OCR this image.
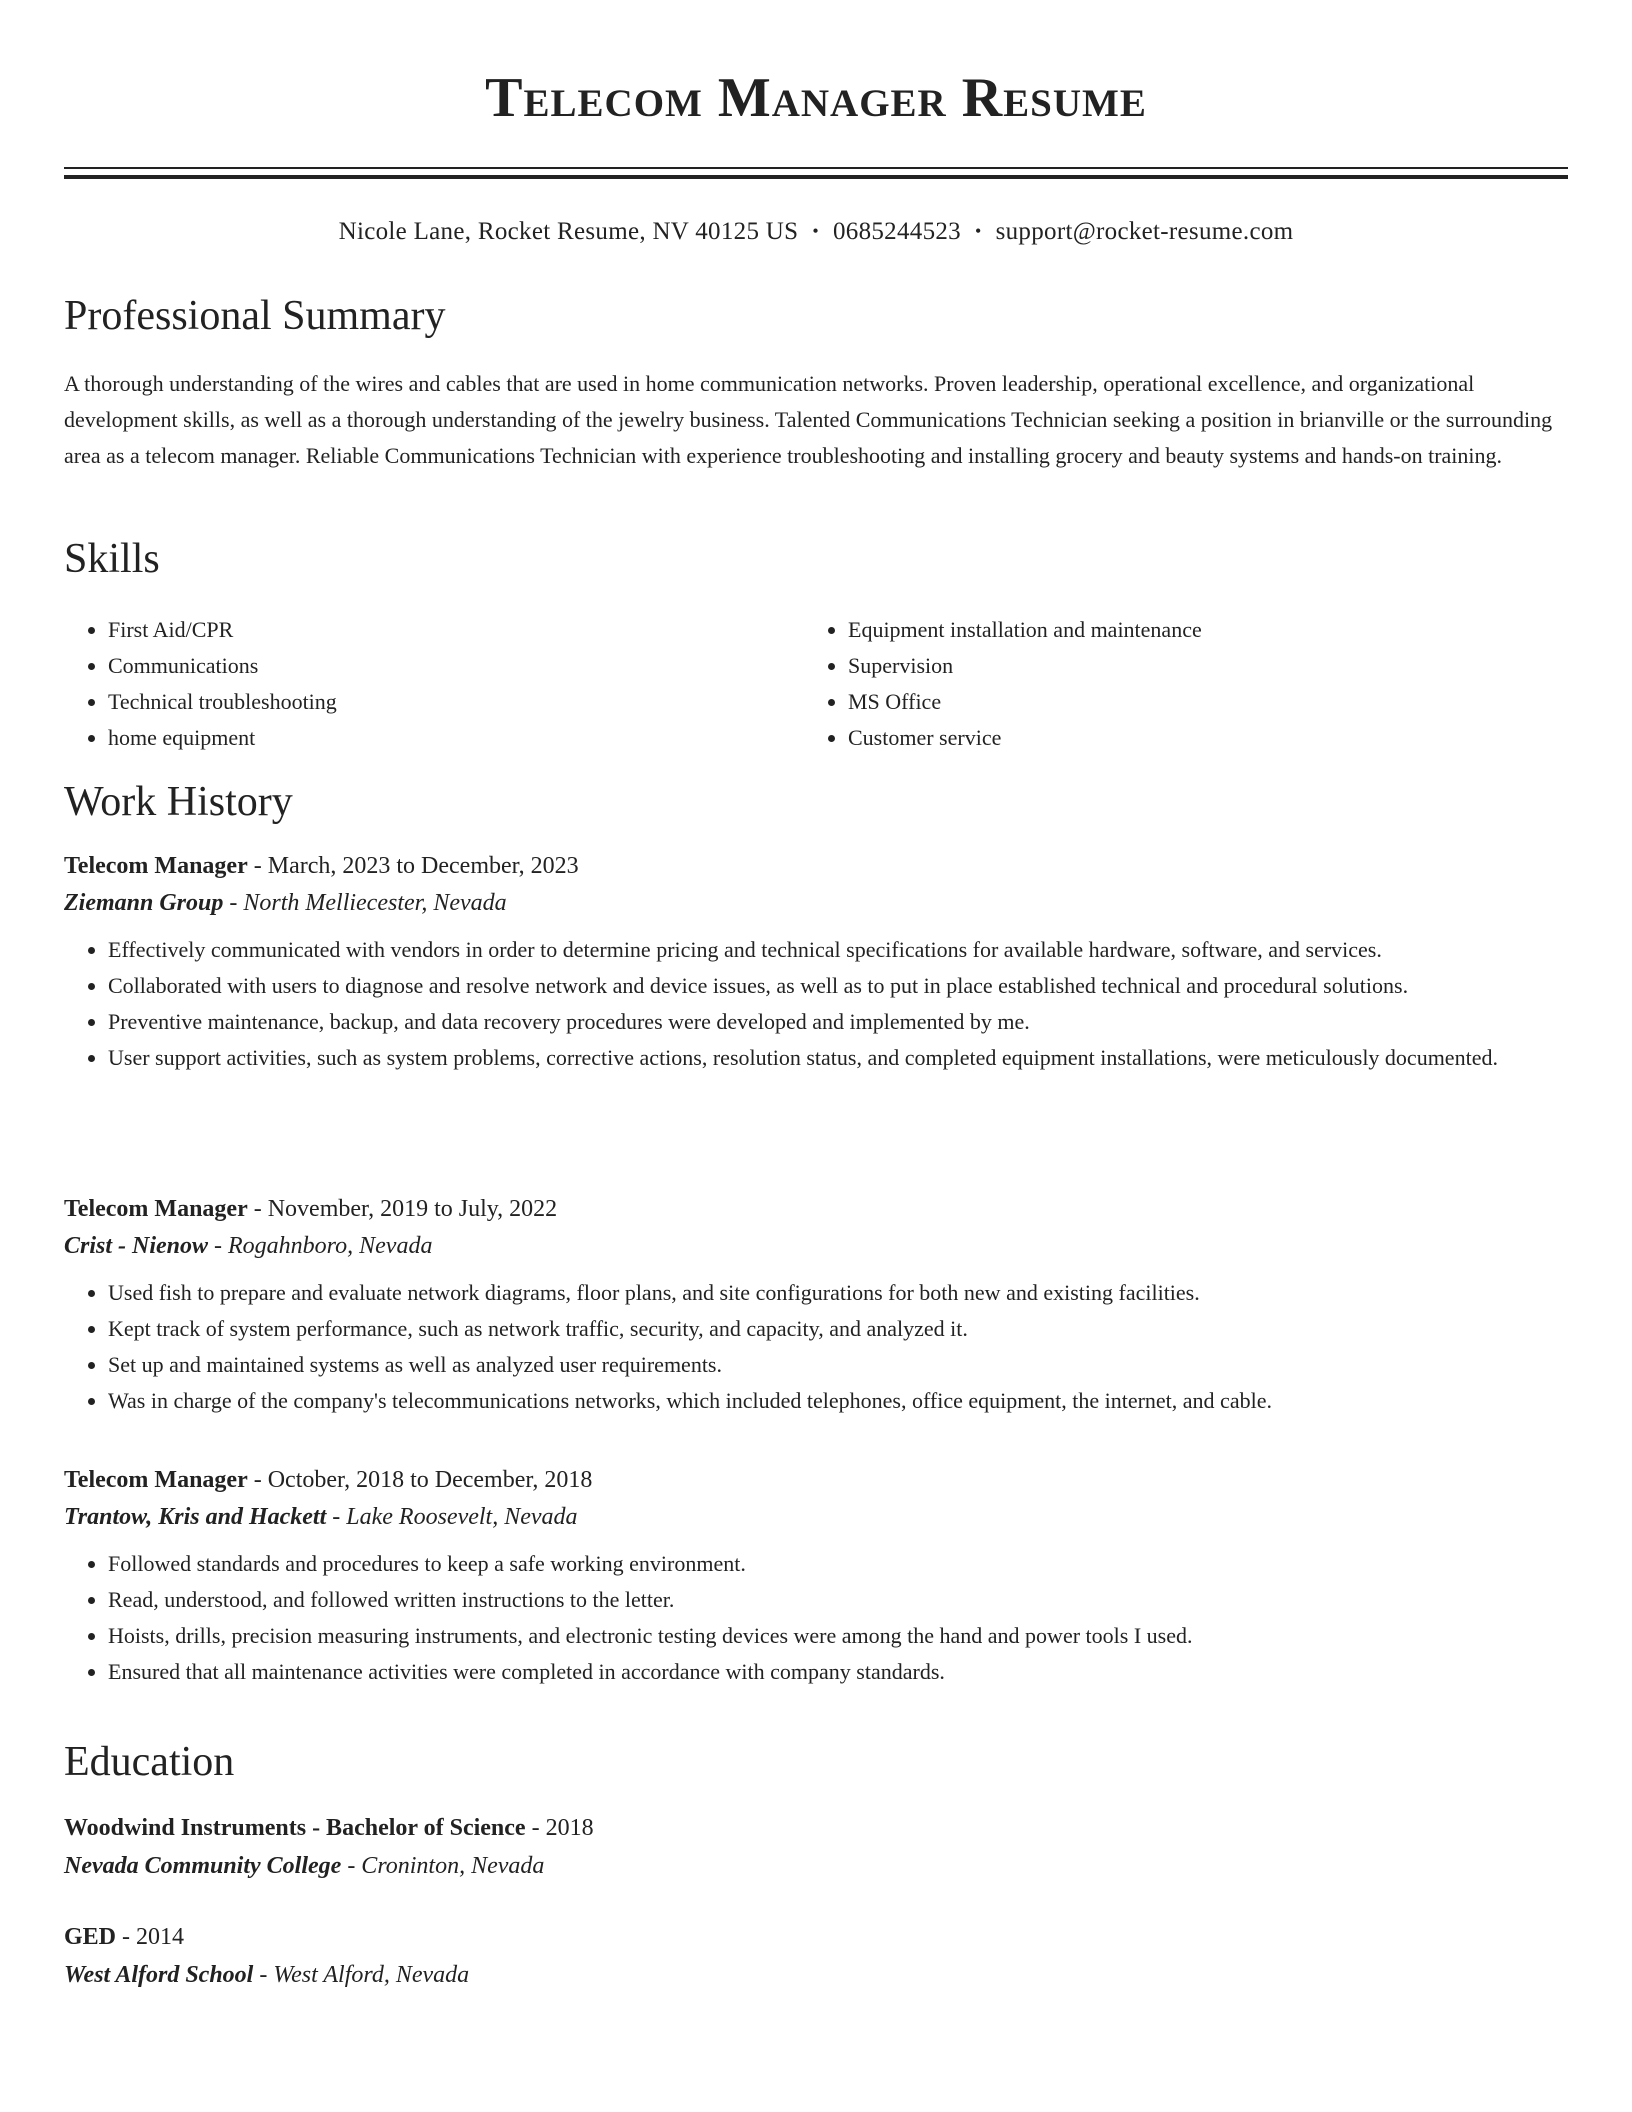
Telecom Manager Resume
Nicole Lane, Rocket Resume, NV 40125 US • 0685244523 • support@rocket-resume.com
Professional Summary

A thorough understanding of the wires and cables that are used in home communication networks. Proven leadership, operational excellence, and organizational development skills, as well as a thorough understanding of the jewelry business. Talented Communications Technician seeking a position in brianville or the surrounding area as a telecom manager. Reliable Communications Technician with experience troubleshooting and installing grocery and beauty systems and hands-on training.

Skills
• First Aid/CPR
• Communications
• Technical troubleshooting
• home equipment
• Equipment installation and maintenance
• Supervision
• MS Office
• Customer service
Work History

Telecom Manager - March, 2023 to December, 2023

Ziemann Group - North Melliecester, Nevada

• Effectively communicated with vendors in order to determine pricing and technical specifications for available hardware, software, and services.
• Collaborated with users to diagnose and resolve network and device issues, as well as to put in place established technical and procedural solutions.
• Preventive maintenance, backup, and data recovery procedures were developed and implemented by me.
• User support activities, such as system problems, corrective actions, resolution status, and completed equipment installations, were meticulously documented.

Telecom Manager - November, 2019 to July, 2022

Crist - Nienow - Rogahnboro, Nevada

• Used fish to prepare and evaluate network diagrams, floor plans, and site configurations for both new and existing facilities.
• Kept track of system performance, such as network traffic, security, and capacity, and analyzed it.
• Set up and maintained systems as well as analyzed user requirements.
• Was in charge of the company's telecommunications networks, which included telephones, office equipment, the internet, and cable.

Telecom Manager - October, 2018 to December, 2018

Trantow, Kris and Hackett - Lake Roosevelt, Nevada

• Followed standards and procedures to keep a safe working environment.
• Read, understood, and followed written instructions to the letter.
• Hoists, drills, precision measuring instruments, and electronic testing devices were among the hand and power tools I used.
• Ensured that all maintenance activities were completed in accordance with company standards.
Education

Woodwind Instruments - Bachelor of Science - 2018

Nevada Community College - Croninton, Nevada

GED - 2014

West Alford School - West Alford, Nevada
